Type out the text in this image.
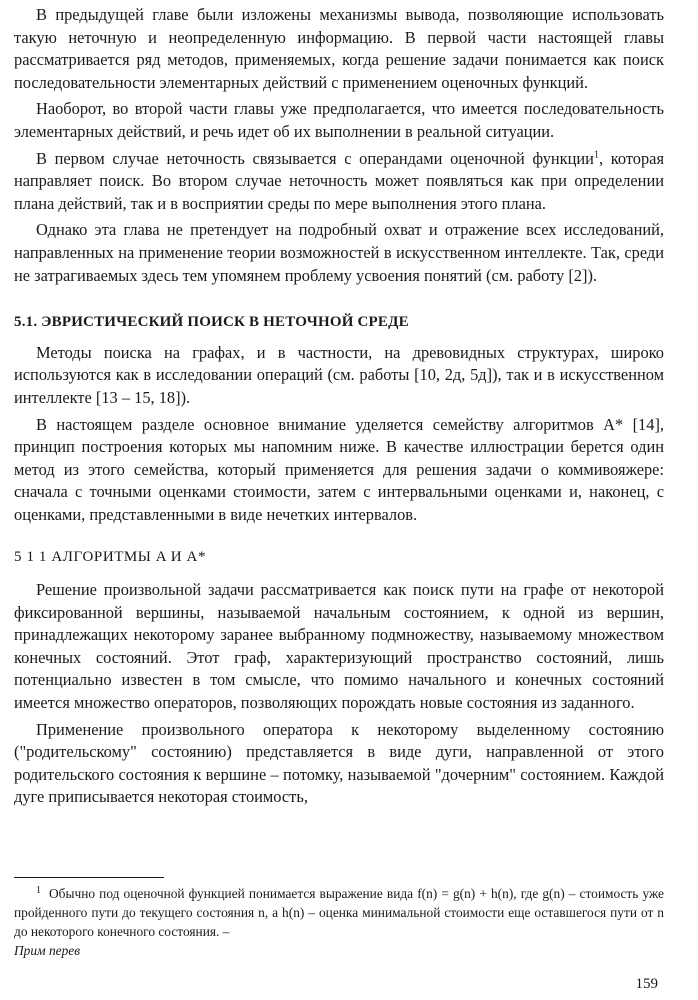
В предыдущей главе были изложены механизмы вывода, позволяющие использовать такую неточную и неопределенную информацию. В первой части настоящей главы рассматривается ряд методов, применяемых, когда решение задачи понимается как поиск последовательности элементарных действий с применением оценочных функций.

Наоборот, во второй части главы уже предполагается, что имеется последовательность элементарных действий, и речь идет об их выполнении в реальной ситуации.

В первом случае неточность связывается с операндами оценочной функции$^1$, которая направляет поиск. Во втором случае неточность может появляться как при определении плана действий, так и в восприятии среды по мере выполнения этого плана.

Однако эта глава не претендует на подробный охват и отражение всех исследований, направленных на применение теории возможностей в искусственном интеллекте. Так, среди не затрагиваемых здесь тем упомянем проблему усвоения понятий (см. работу [2]).

5.1. ЭВРИСТИЧЕСКИЙ ПОИСК В НЕТОЧНОЙ СРЕДЕ

Методы поиска на графах, и в частности, на древовидных структурах, широко используются как в исследовании операций (см. работы [10, 2д, 5д]), так и в искусственном интеллекте [13 – 15, 18]).

В настоящем разделе основное внимание уделяется семейству алгоритмов A* [14], принцип построения которых мы напомним ниже. В качестве иллюстрации берется один метод из этого семейства, который применяется для решения задачи о коммивояжере: сначала с точными оценками стоимости, затем с интервальными оценками и, наконец, с оценками, представленными в виде нечетких интервалов.

5 1 1 АЛГОРИТМЫ A И A*

Решение произвольной задачи рассматривается как поиск пути на графе от некоторой фиксированной вершины, называемой начальным состоянием, к одной из вершин, принадлежащих некоторому заранее выбранному подмножеству, называемому множеством конечных состояний. Этот граф, характеризующий пространство состояний, лишь потенциально известен в том смысле, что помимо начального и конечных состояний имеется множество операторов, позволяющих порождать новые состояния из заданного.

Применение произвольного оператора к некоторому выделенному состоянию ("родительскому" состоянию) представляется в виде дуги, направленной от этого родительского состояния к вершине – потомку, называемой "дочерним" состоянием. Каждой дуге приписывается некоторая стоимость,

$^1$ Обычно под оценочной функцией понимается выражение вида f(n) = g(n) + h(n), где g(n) – стоимость уже пройденного пути до текущего состояния n, а h(n) – оценка минимальной стоимости еще оставшегося пути от n до некоторого конечного состояния. –
Прим перев
159
